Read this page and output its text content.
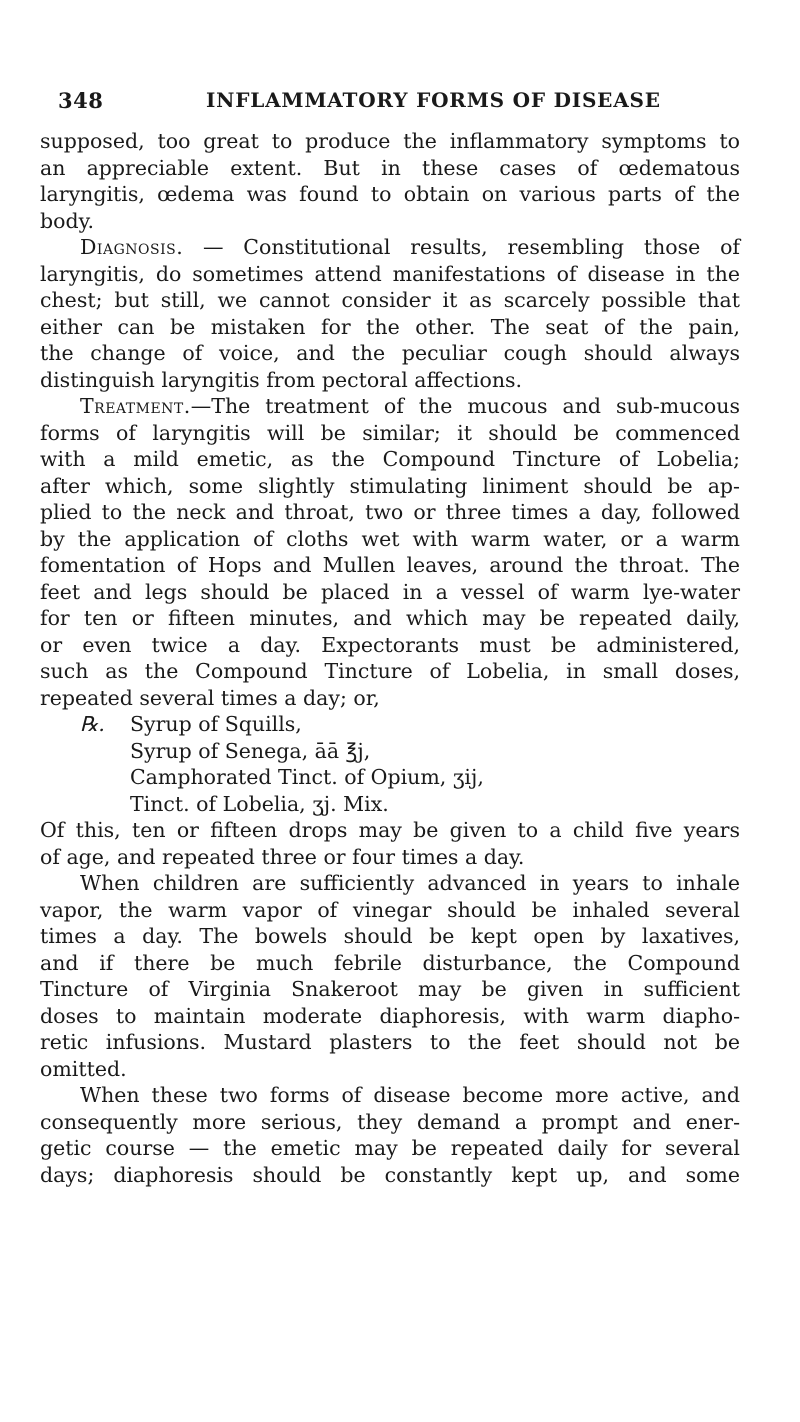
348	INFLAMMATORY FORMS OF DISEASE
supposed, too great to produce the inflammatory symptoms to
an appreciable extent. But in these cases of œdematous
laryngitis, œdema was found to obtain on various parts of the
body.
Diagnosis. — Constitutional results, resembling those of
laryngitis, do sometimes attend manifestations of disease in the
chest; but still, we cannot consider it as scarcely possible that
either can be mistaken for the other. The seat of the pain,
the change of voice, and the peculiar cough should always
distinguish laryngitis from pectoral affections.
Treatment.—The treatment of the mucous and sub-mucous
forms of laryngitis will be similar; it should be commenced
with a mild emetic, as the Compound Tincture of Lobelia;
after which, some slightly stimulating liniment should be ap-
plied to the neck and throat, two or three times a day, followed
by the application of cloths wet with warm water, or a warm
fomentation of Hops and Mullen leaves, around the throat. The
feet and legs should be placed in a vessel of warm lye-water
for ten or fifteen minutes, and which may be repeated daily,
or even twice a day. Expectorants must be administered,
such as the Compound Tincture of Lobelia, in small doses,
repeated several times a day; or,
℞. Syrup of Squills,
Syrup of Senega, āā ℥j,
Camphorated Tinct. of Opium, ʒij,
Tinct. of Lobelia, ʒj. Mix.
Of this, ten or fifteen drops may be given to a child five years
of age, and repeated three or four times a day.
When children are sufficiently advanced in years to inhale
vapor, the warm vapor of vinegar should be inhaled several
times a day. The bowels should be kept open by laxatives,
and if there be much febrile disturbance, the Compound
Tincture of Virginia Snakeroot may be given in sufficient
doses to maintain moderate diaphoresis, with warm diapho-
retic infusions. Mustard plasters to the feet should not be
omitted.
When these two forms of disease become more active, and
consequently more serious, they demand a prompt and ener-
getic course — the emetic may be repeated daily for several
days; diaphoresis should be constantly kept up, and some
